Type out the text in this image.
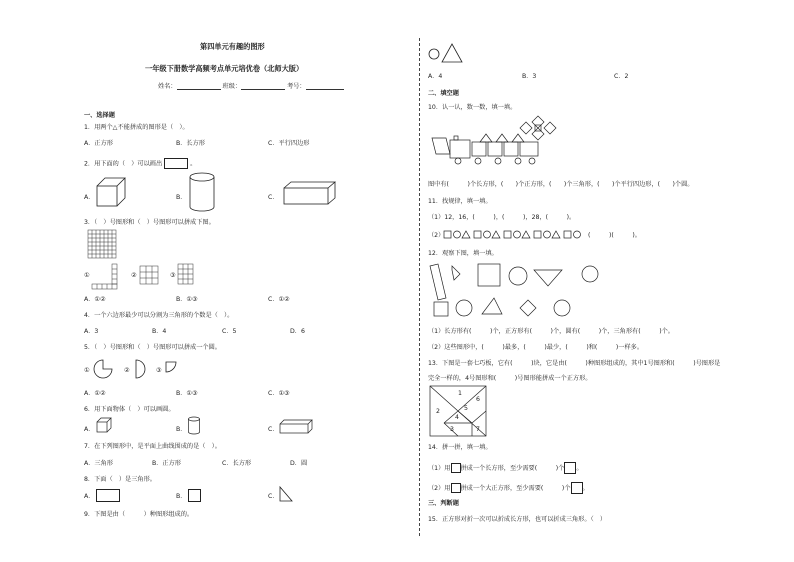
第四单元有趣的图形
一年级下册数学高频考点单元培优卷（北师大版）
姓名：	班级：	考号：
一、选择题
1．用两个△不能拼成的图形是（　）。
A．正方形	B．长方形	C．平行四边形
2．用下面的（　）可以画出	。
A．	B．	C．
3．（　）号图形和（　）号图形可以拼成下图。
①	②	③
A．①②	B．①③	C．①②
4．一个六边形最少可以分割为三角形的个数是（　）。
A．3	B．4	C．5	D．6
5．（　）号图形和（　）号图形可以拼成一个圆。
①	②	③
A．①②	B．①③	C．①③
6．用下面物体（　）可以画圆。
A．	B．	C．
7．在下列图形中，是平面上曲线围成的是（　）。
A．三角形	B．正方形	C．长方形	D．圆
8．下面（　）是三角形。
A．	B．	C．
9．下图是由（　　　）种图形组成的。
A．4	B．3	C．2
二、填空题
10．认一认，数一数，填一填。
图中有(　　　)个长方形，(　　)个正方形，(　　)个三角形，(　　)个平行四边形，(　　)个圆。
11．找规律，填一填。
（1）12，16，(　　　)，(　　　)，28，(　　　)。
（2）	(　　　)(　　　)。
12．观察下图，填一填。
（1）长方形有(　　　)个，正方形有(　　　)个，圆有(　　　)个，三角形有(　　　)个。
（2）这些图形中，(　　　)最多，(　　　)最少，(　　　)和(　　　)一样多。
13．下图是一套七巧板，它有(　　　)块，它是由(　　　)种图形组成的，其中1号图形和(　　　)号图形是
完全一样的，4号图形和(　　　)号图形能拼成一个正方形。
1
2
3
4
5
6
7
14．拼一拼，填一填。
（1）用 拼成一个长方形，至少需要(　　　)个 。
（2）用 拼成一个大正方形，至少需要(　　　)个 。
三、判断题
15．正方形对折一次可以折成长方形，也可以折成三角形。（　）
